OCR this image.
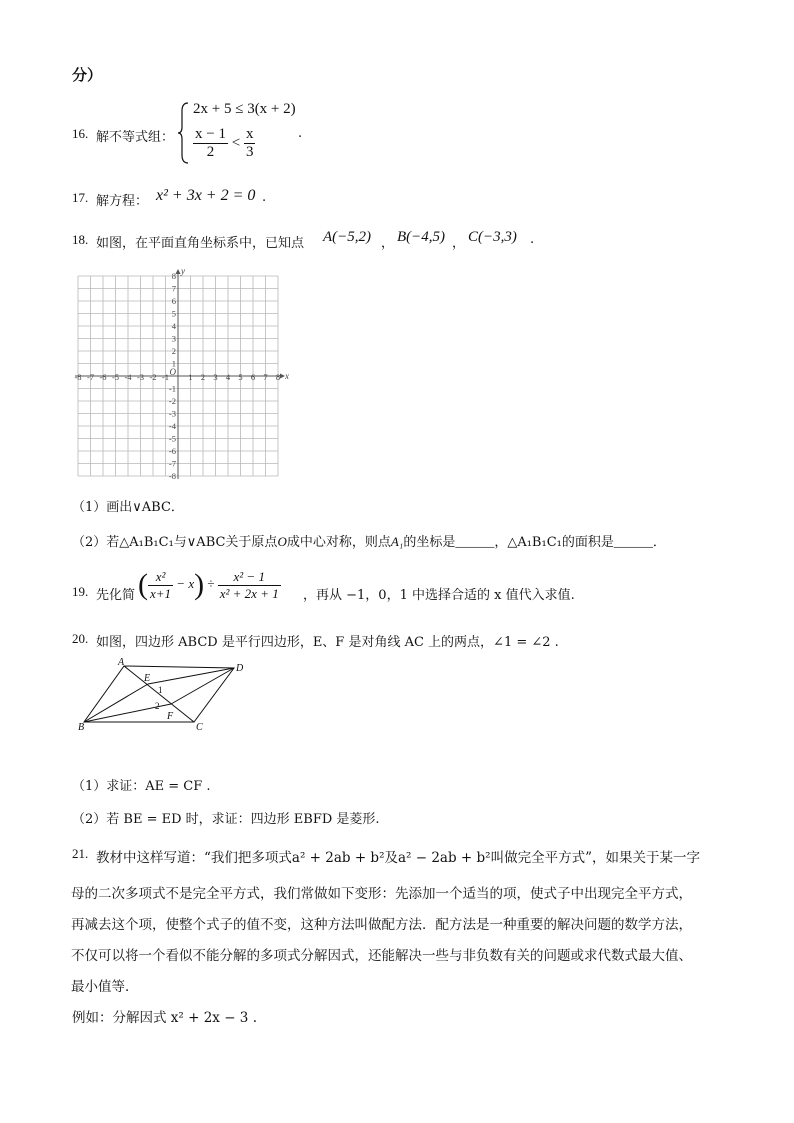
分）
16. 解不等式组：
2x + 5 ≤ 3(x + 2)
$\frac{x - 1}{2} < \frac{x}{3}$	.
17. 解方程： x² + 3x + 2 = 0 .
18. 如图，在平面直角坐标系中，已知点 A(−5,2) ， B(−4,5) ， C(−3,3) .
-8 -7 -6 -5 -4 -3 -2 -1 1 2 3 4 5 6 7 8
8
7
6
5
4
3
2
1
-1
-2
-3
-4
-5
-6
-7
-8
x
y
O
（1）画出∨ABC．
（2）若△A₁B₁C₁与∨ABC关于原点O成中心对称，则点A₁的坐标是______，△A₁B₁C₁的面积是______．
19. 先化简 ( $\frac{\text{x²}}{x+1} - x) \div \frac{\text{x² − 1}}{\text{x² + 2x + 1}}$ ，再从 −1，0，1 中选择合适的 x 值代入求值.
20. 如图，四边形 ABCD 是平行四边形，E、F 是对角线 AC 上的两点，∠1 = ∠2 .
A
D
B	C
E
F
1
2
（1）求证：AE = CF .
（2）若 BE = ED 时，求证：四边形 EBFD 是菱形.
21. 教材中这样写道：“我们把多项式a² + 2ab + b²及a² − 2ab + b²叫做完全平方式”，如果关于某一字
母的二次多项式不是完全平方式，我们常做如下变形：先添加一个适当的项，使式子中出现完全平方式，
再减去这个项，使整个式子的值不变，这种方法叫做配方法．配方法是一种重要的解决问题的数学方法，
不仅可以将一个看似不能分解的多项式分解因式，还能解决一些与非负数有关的问题或求代数式最大值、
最小值等．
例如：分解因式 x² + 2x − 3 .
